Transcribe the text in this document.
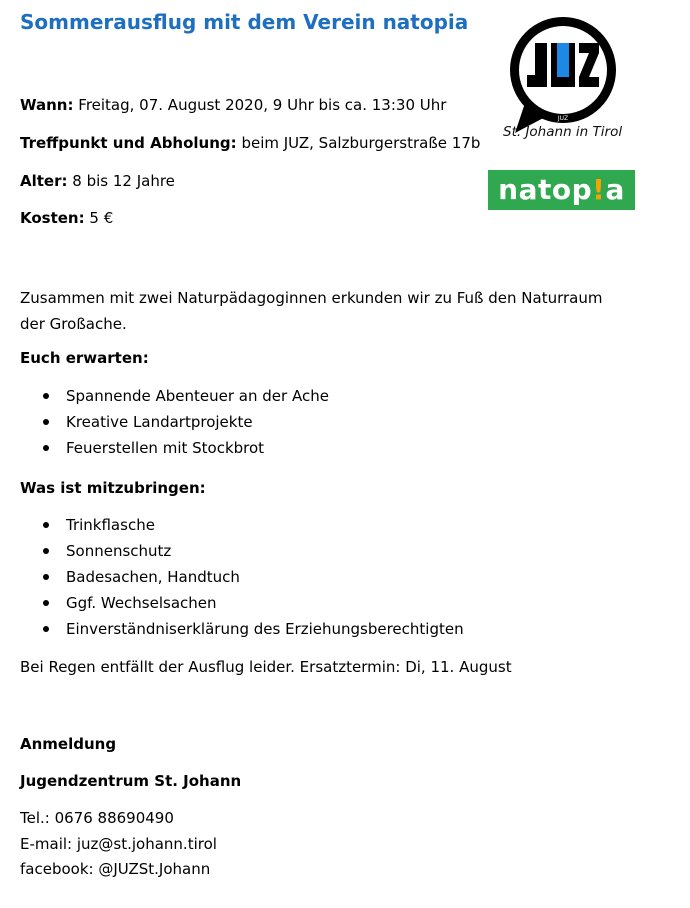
Sommerausflug mit dem Verein natopia
JUZ
St. Johann in Tirol
natop!a
Wann: Freitag, 07. August 2020, 9 Uhr bis ca. 13:30 Uhr
Treffpunkt und Abholung: beim JUZ, Salzburgerstraße 17b
Alter: 8 bis 12 Jahre
Kosten: 5 €
Zusammen mit zwei Naturpädagoginnen erkunden wir zu Fuß den Naturraum
der Großache.
Euch erwarten:
Spannende Abenteuer an der Ache
Kreative Landartprojekte
Feuerstellen mit Stockbrot
Was ist mitzubringen:
Trinkflasche
Sonnenschutz
Badesachen, Handtuch
Ggf. Wechselsachen
Einverständniserklärung des Erziehungsberechtigten
Bei Regen entfällt der Ausflug leider. Ersatztermin: Di, 11. August
Anmeldung
Jugendzentrum St. Johann
Tel.: 0676 88690490
E-mail: juz@st.johann.tirol
facebook: @JUZSt.Johann
